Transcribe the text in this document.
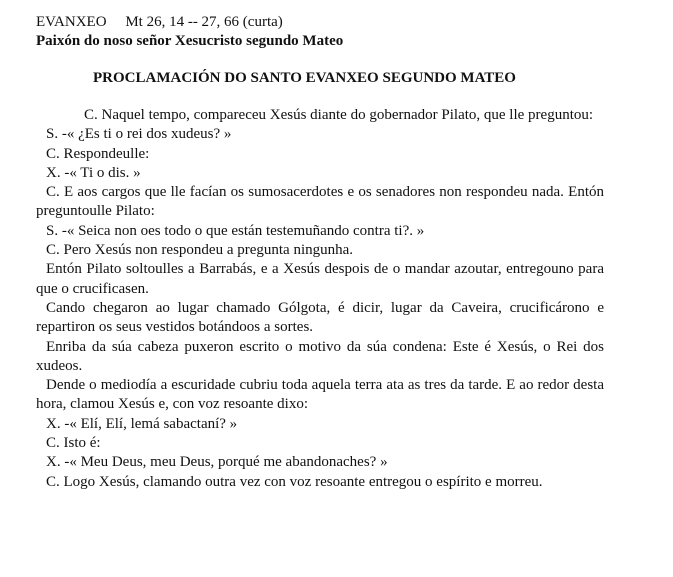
EVANXEO Mt 26, 14 -- 27, 66 (curta)
Paixón do noso señor Xesucristo segundo Mateo
PROCLAMACIÓN DO SANTO EVANXEO SEGUNDO MATEO

C. Naquel tempo, compareceu Xesús diante do gobernador Pilato, que lle preguntou:

S. -« ¿Es ti o rei dos xudeus? »

C. Respondeulle:

X. -« Ti o dis. »

C. E aos cargos que lle facían os sumosacerdotes e os senadores non respondeu nada. Entón preguntoulle Pilato:

S. -« Seica non oes todo o que están testemuñando contra ti?. »

C. Pero Xesús non respondeu a pregunta ningunha.

Entón Pilato soltoulles a Barrabás, e a Xesús despois de o mandar azoutar, entregouno para que o crucificasen.

Cando chegaron ao lugar chamado Gólgota, é dicir, lugar da Caveira, crucificárono e repartiron os seus vestidos botándoos a sortes.

Enriba da súa cabeza puxeron escrito o motivo da súa condena: Este é Xesús, o Rei dos xudeos.

Dende o mediodía a escuridade cubriu toda aquela terra ata as tres da tarde. E ao redor desta hora, clamou Xesús e, con voz resoante dixo:

X. -« Elí, Elí, lemá sabactaní? »

C. Isto é:

X. -« Meu Deus, meu Deus, porqué me abandonaches? »

C. Logo Xesús, clamando outra vez con voz resoante entregou o espírito e morreu.
